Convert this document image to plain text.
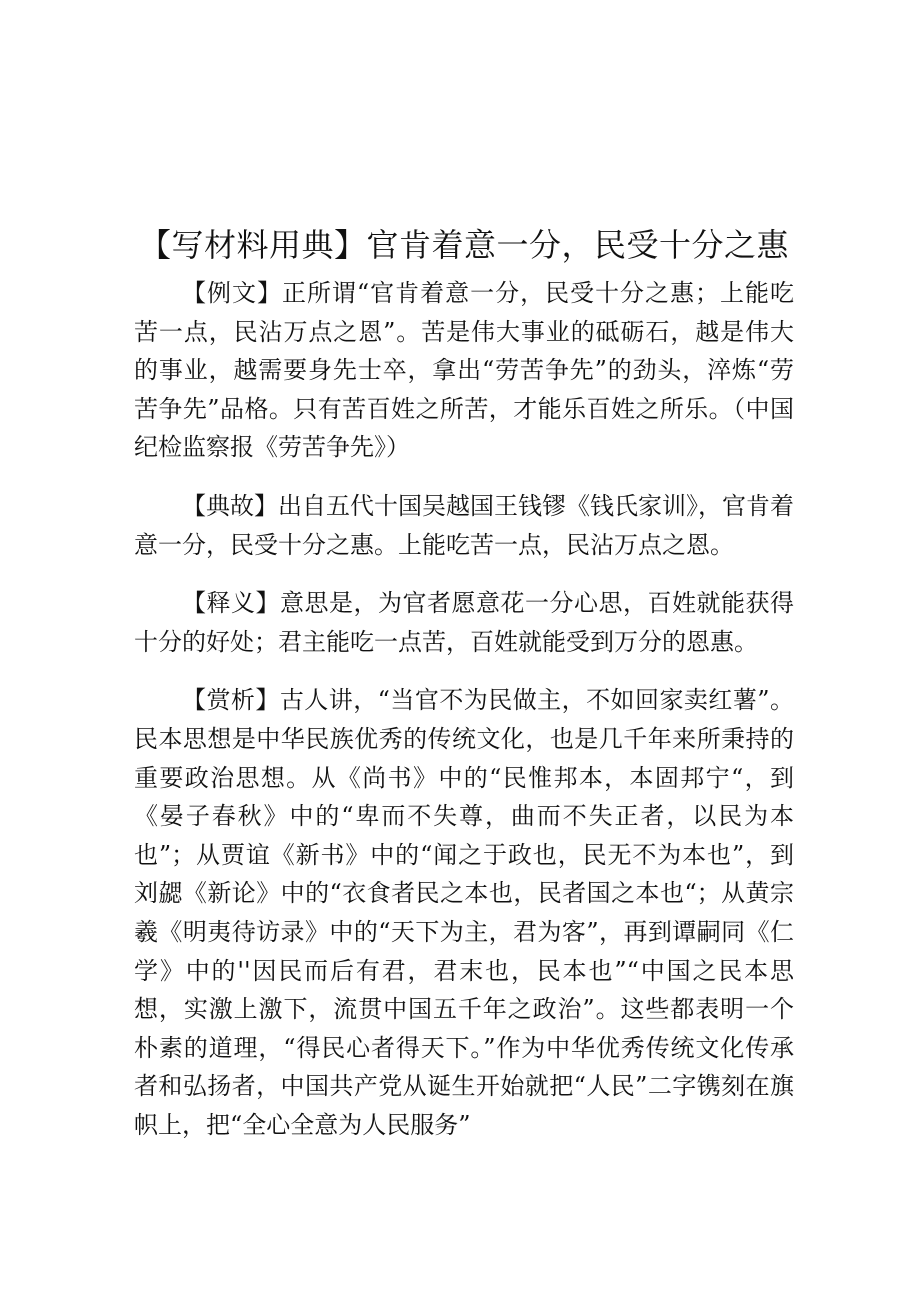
【写材料用典】官肯着意一分，民受十分之惠

【例文】正所谓“官肯着意一分，民受十分之惠；上能吃苦一点，民沾万点之恩”。苦是伟大事业的砥砺石，越是伟大的事业，越需要身先士卒，拿出“劳苦争先”的劲头，淬炼“劳苦争先”品格。只有苦百姓之所苦，才能乐百姓之所乐。（中国纪检监察报《劳苦争先》）

【典故】出自五代十国吴越国王钱镠《钱氏家训》，官肯着意一分，民受十分之惠。上能吃苦一点，民沾万点之恩。

【释义】意思是，为官者愿意花一分心思，百姓就能获得十分的好处；君主能吃一点苦，百姓就能受到万分的恩惠。

【赏析】古人讲，“当官不为民做主，不如回家卖红薯”。民本思想是中华民族优秀的传统文化，也是几千年来所秉持的重要政治思想。从《尚书》中的“民惟邦本，本固邦宁“，到《晏子春秋》中的“卑而不失尊，曲而不失正者，以民为本也”；从贾谊《新书》中的“闻之于政也，民无不为本也”，到刘勰《新论》中的“衣食者民之本也，民者国之本也“；从黄宗羲《明夷待访录》中的“天下为主，君为客”，再到谭嗣同《仁学》中的''因民而后有君，君末也，民本也”“中国之民本思想，实激上激下，流贯中国五千年之政治”。这些都表明一个朴素的道理，“得民心者得天下。”作为中华优秀传统文化传承者和弘扬者，中国共产党从诞生开始就把“人民”二字镌刻在旗帜上，把“全心全意为人民服务”
